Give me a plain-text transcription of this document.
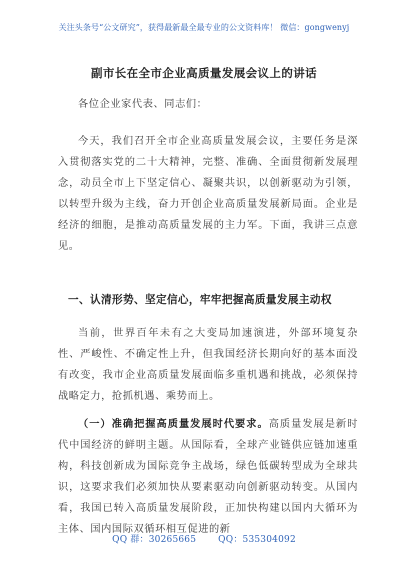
关注头条号“公文研究”，获得最新最全最专业的公文资料库！ 微信：gongwenyj
副市长在全市企业高质量发展会议上的讲话
各位企业家代表、同志们：
今天，我们召开全市企业高质量发展会议，主要任务是深入贯彻落实党的二十大精神，完整、准确、全面贯彻新发展理念，动员全市上下坚定信心、凝聚共识，以创新驱动为引领，以转型升级为主线，奋力开创企业高质量发展新局面。企业是经济的细胞，是推动高质量发展的主力军。下面，我讲三点意见。
一、认清形势、坚定信心，牢牢把握高质量发展主动权
当前，世界百年未有之大变局加速演进，外部环境复杂性、严峻性、不确定性上升，但我国经济长期向好的基本面没有改变，我市企业高质量发展面临多重机遇和挑战，必须保持战略定力，抢抓机遇、乘势而上。
（一）准确把握高质量发展时代要求。高质量发展是新时代中国经济的鲜明主题。从国际看，全球产业链供应链加速重构，科技创新成为国际竞争主战场，绿色低碳转型成为全球共识，这要求我们必须加快从要素驱动向创新驱动转变。从国内看，我国已转入高质量发展阶段，正加快构建以国内大循环为主体、国内国际双循环相互促进的新
QQ 群：30265665 QQ：535304092
